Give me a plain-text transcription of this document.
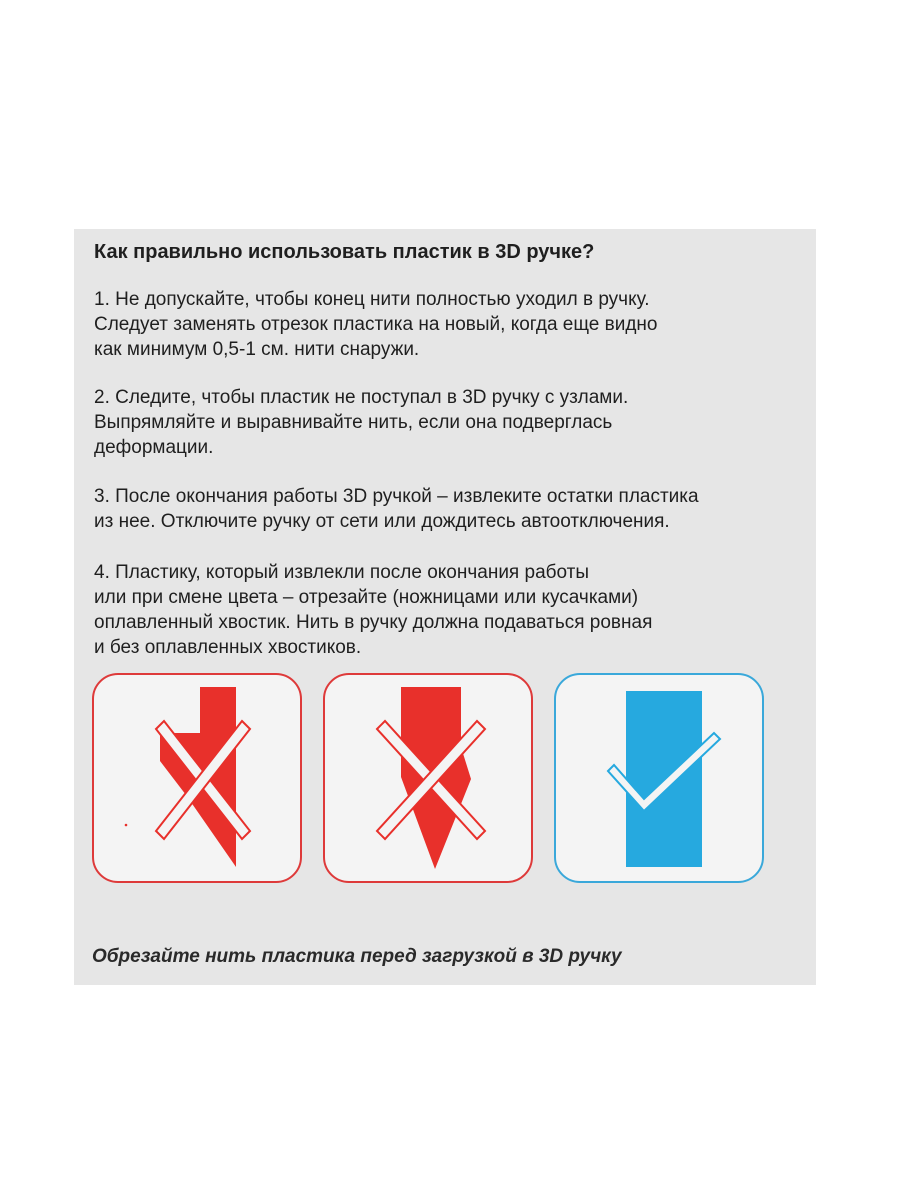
Как правильно использовать пластик в 3D ручке?
1. Не допускайте, чтобы конец нити полностью уходил в ручку.
Следует заменять отрезок пластика на новый, когда еще видно
как минимум 0,5-1 см. нити снаружи.
2. Следите, чтобы пластик не поступал в 3D ручку с узлами.
Выпрямляйте и выравнивайте нить, если она подверглась
деформации.
3. После окончания работы 3D ручкой – извлеките остатки пластика
из нее. Отключите ручку от сети или дождитесь автоотключения.
4. Пластику, который извлекли после окончания работы
или при смене цвета – отрезайте (ножницами или кусачками)
оплавленный хвостик. Нить в ручку должна подаваться ровная
и без оплавленных хвостиков.
Обрезайте нить пластика перед загрузкой в 3D ручку
